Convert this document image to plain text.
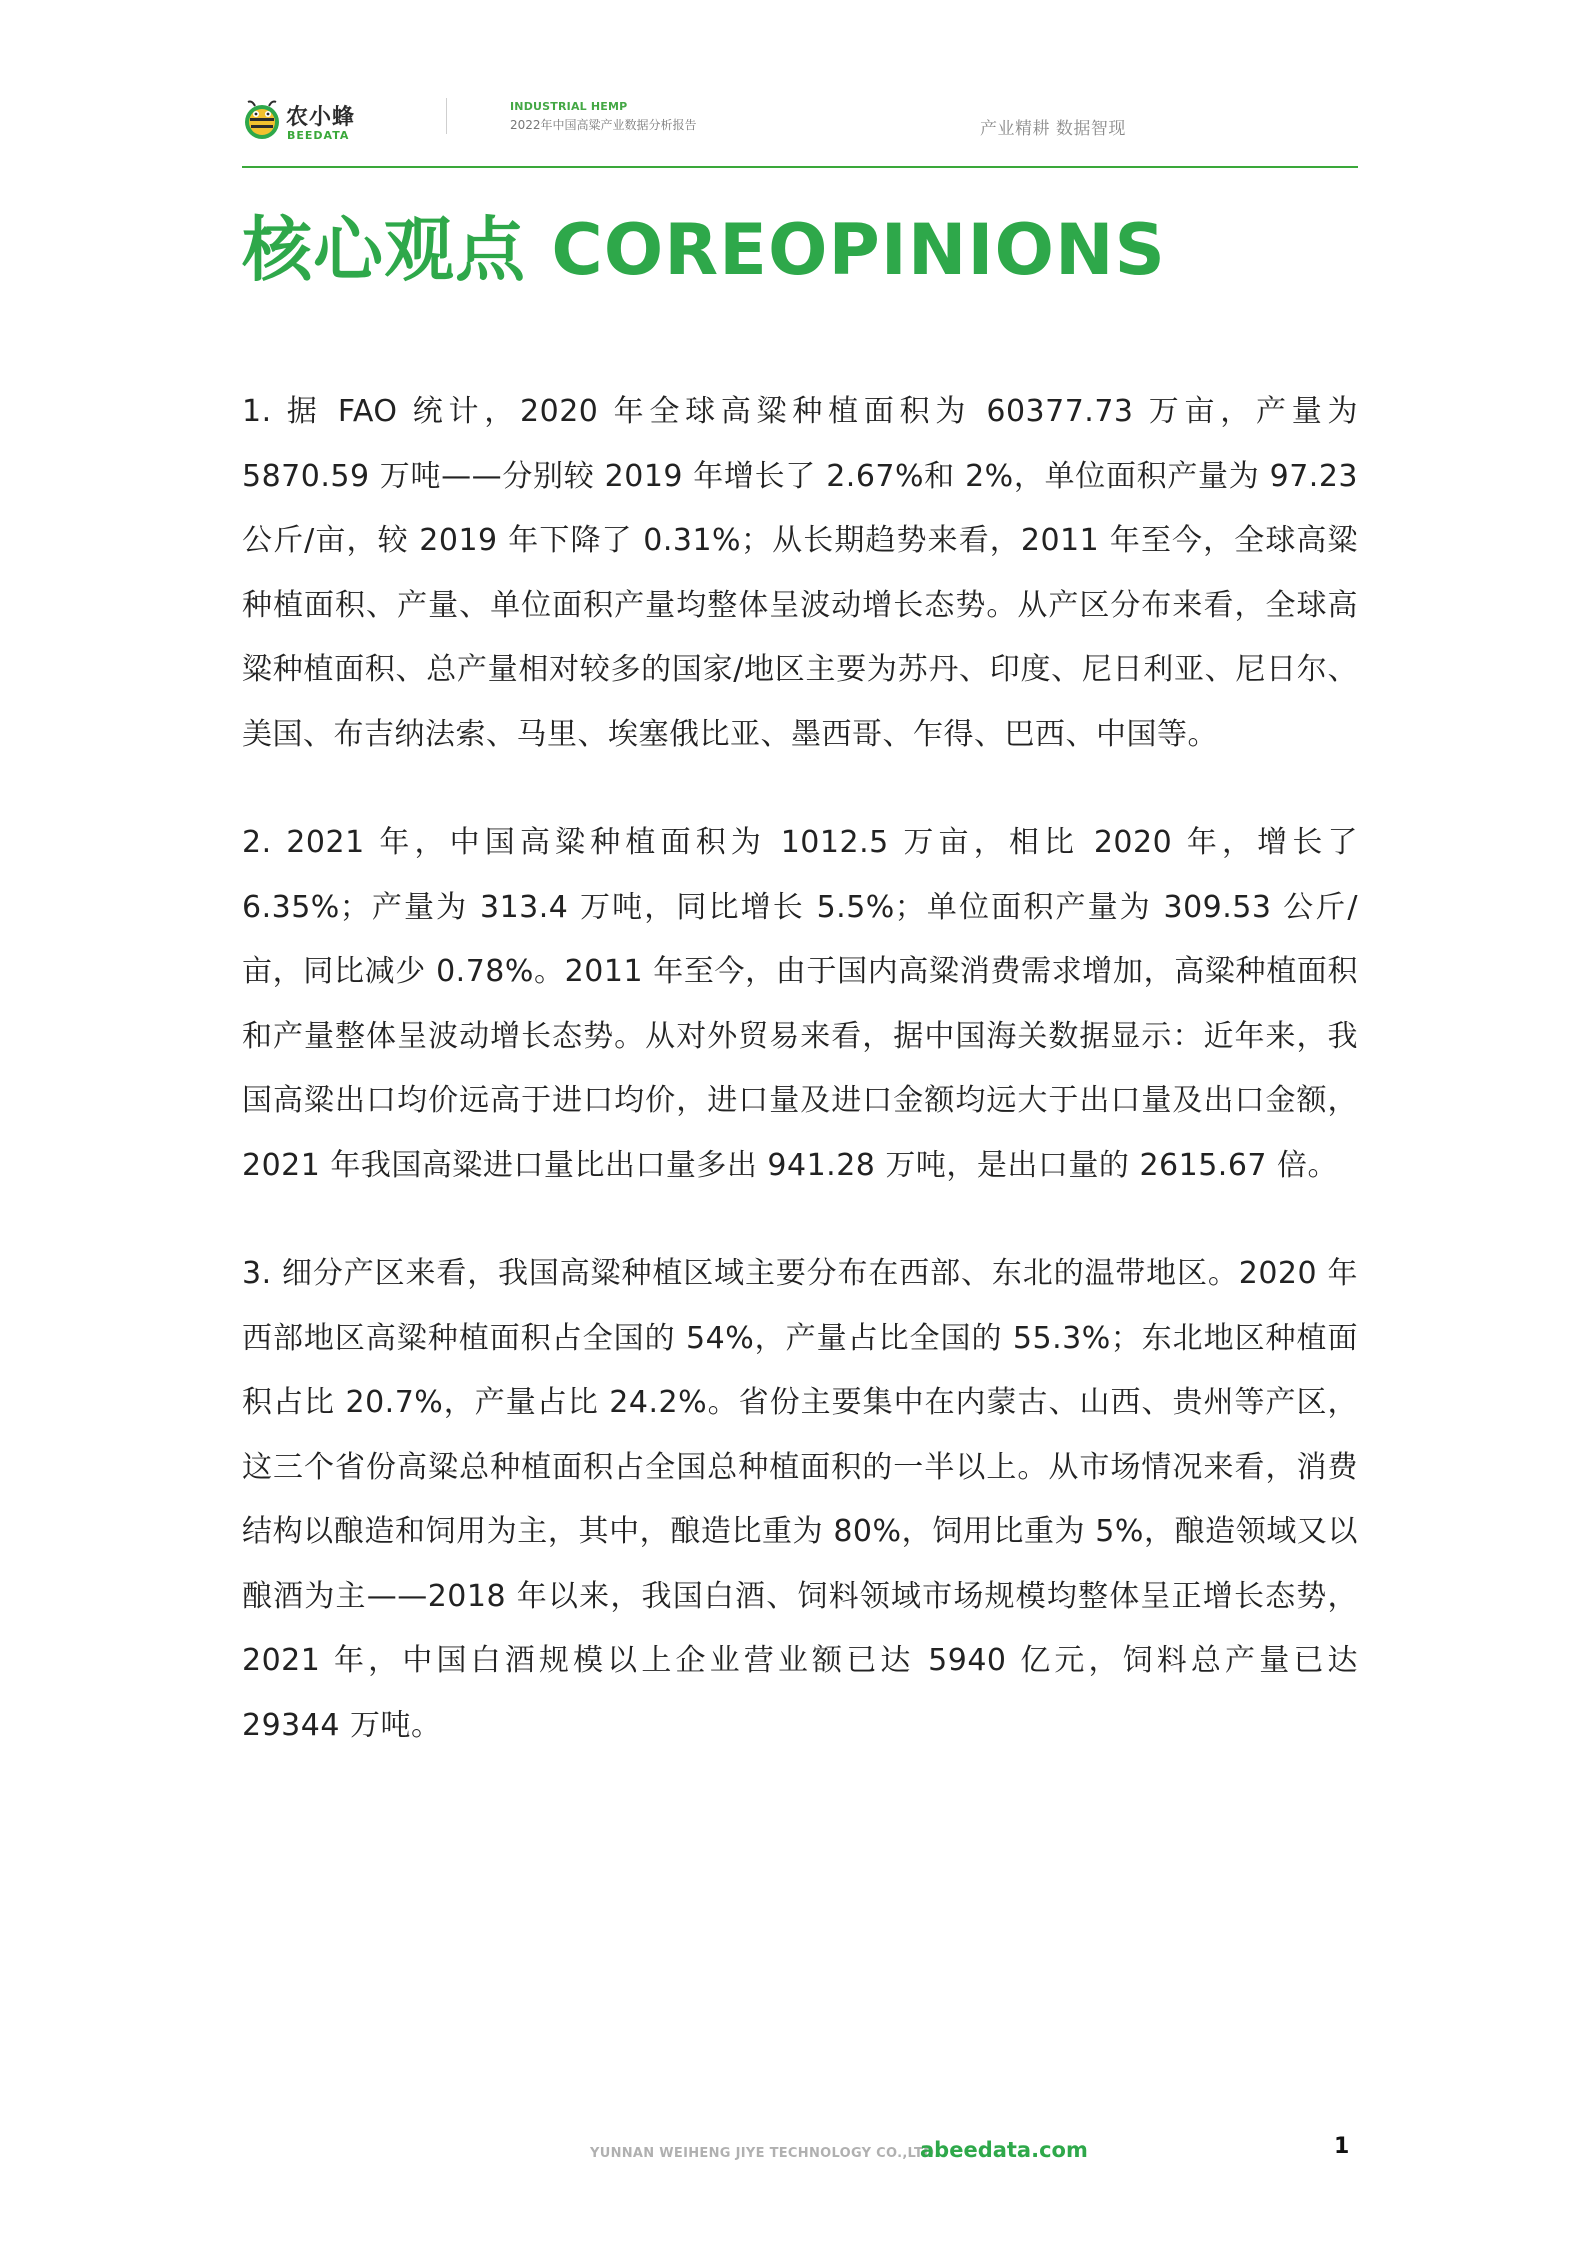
农小蜂
BEEDATA
INDUSTRIAL HEMP
2022年中国高粱产业数据分析报告	产业精耕 数据智现
核心观点 COREOPINIONS

1. 据 FAO 统计，2020 年全球高粱种植面积为 60377.73 万亩，产量为 5870.59 万吨——分别较 2019 年增长了 2.67%和 2%，单位面积产量为 97.23 公斤/亩，较 2019 年下降了 0.31%；从长期趋势来看，2011 年至今，全球高粱种植面积、产量、单位面积产量均整体呈波动增长态势。从产区分布来看，全球高粱种植面积、总产量相对较多的国家/地区主要为苏丹、印度、尼日利亚、尼日尔、美国、布吉纳法索、马里、埃塞俄比亚、墨西哥、乍得、巴西、中国等。

2. 2021 年，中国高粱种植面积为 1012.5 万亩，相比 2020 年，增长了 6.35%；产量为 313.4 万吨，同比增长 5.5%；单位面积产量为 309.53 公斤/亩，同比减少 0.78%。2011 年至今，由于国内高粱消费需求增加，高粱种植面积和产量整体呈波动增长态势。从对外贸易来看，据中国海关数据显示：近年来，我国高粱出口均价远高于进口均价，进口量及进口金额均远大于出口量及出口金额，2021 年我国高粱进口量比出口量多出 941.28 万吨，是出口量的 2615.67 倍。

3. 细分产区来看，我国高粱种植区域主要分布在西部、东北的温带地区。2020 年西部地区高粱种植面积占全国的 54%，产量占比全国的 55.3%；东北地区种植面积占比 20.7%，产量占比 24.2%。省份主要集中在内蒙古、山西、贵州等产区，这三个省份高粱总种植面积占全国总种植面积的一半以上。从市场情况来看，消费结构以酿造和饲用为主，其中，酿造比重为 80%，饲用比重为 5%，酿造领域又以酿酒为主——2018 年以来，我国白酒、饲料领域市场规模均整体呈正增长态势，2021 年，中国白酒规模以上企业营业额已达 5940 亿元，饲料总产量已达 29344 万吨。

YUNNAN WEIHENG JIYE TECHNOLOGY CO.,LTD.
abeedata.com	1
